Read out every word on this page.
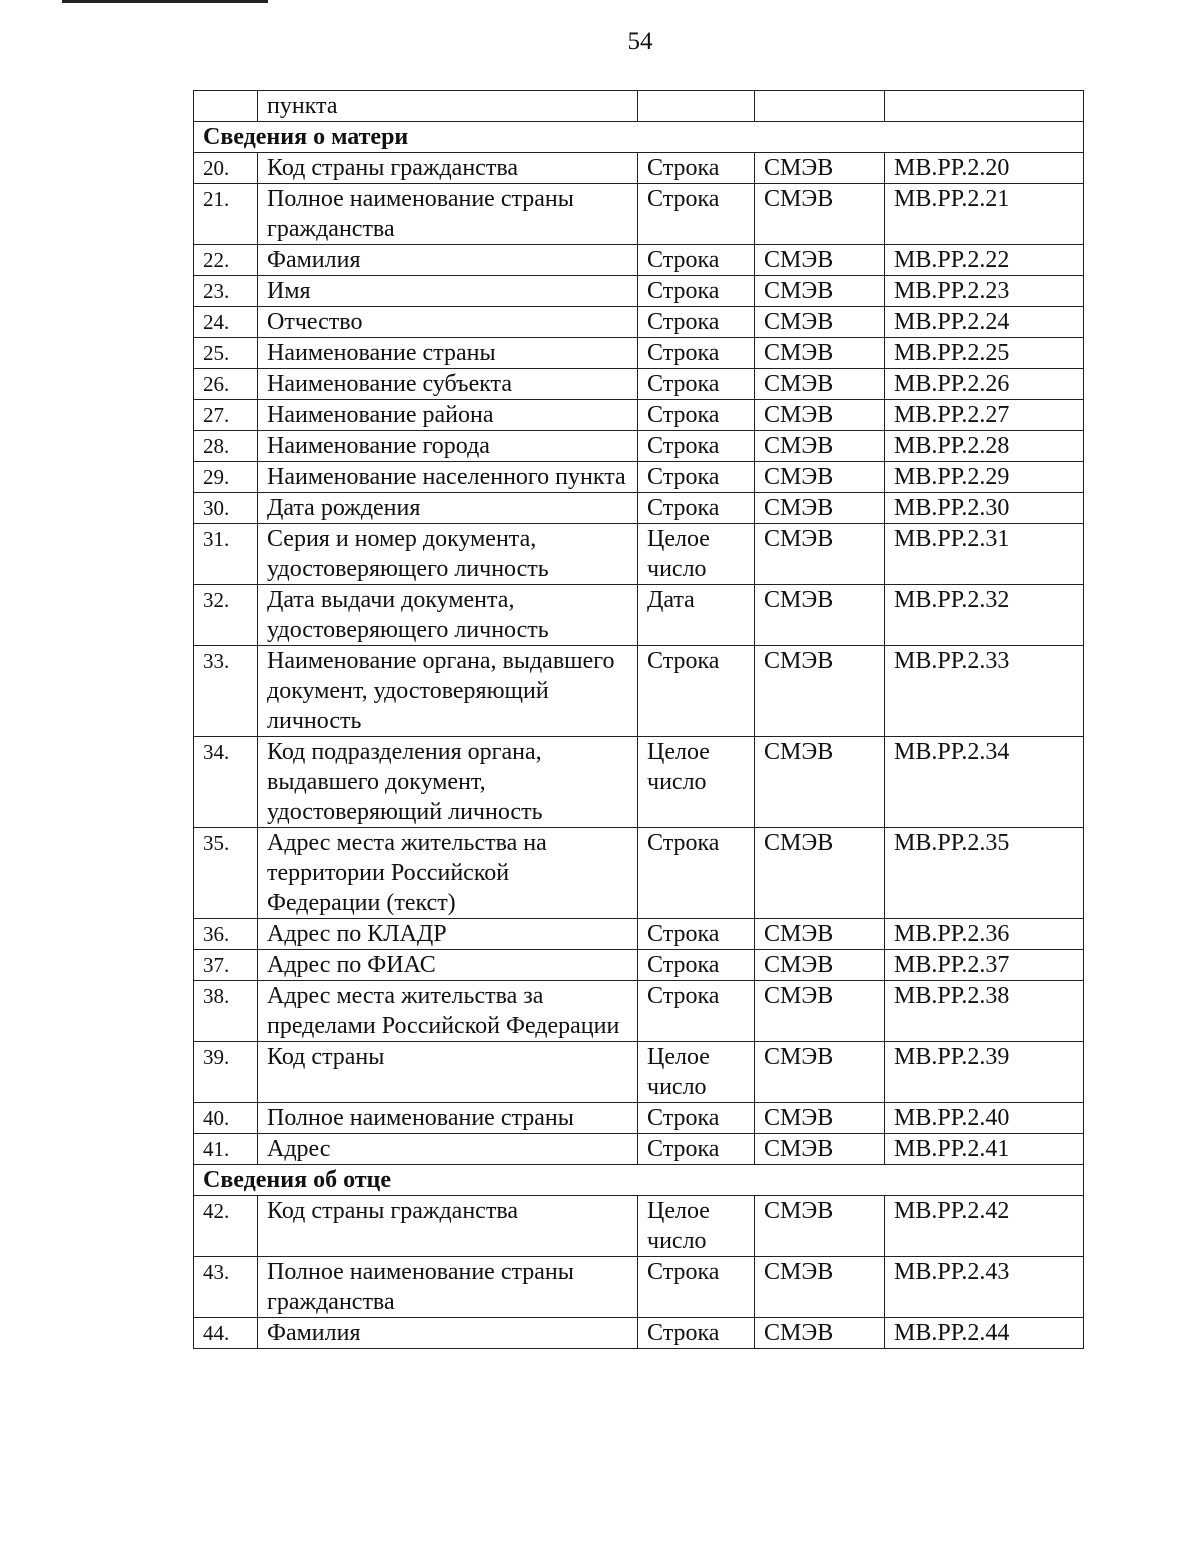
54
	пункта			
Сведения о матери				
20.	Код страны гражданства	Строка	СМЭВ	MB.PP.2.20
21.	Полное наименование страны гражданства	Строка	СМЭВ	MB.PP.2.21
22.	Фамилия	Строка	СМЭВ	MB.PP.2.22
23.	Имя	Строка	СМЭВ	MB.PP.2.23
24.	Отчество	Строка	СМЭВ	MB.PP.2.24
25.	Наименование страны	Строка	СМЭВ	MB.PP.2.25
26.	Наименование субъекта	Строка	СМЭВ	MB.PP.2.26
27.	Наименование района	Строка	СМЭВ	MB.PP.2.27
28.	Наименование города	Строка	СМЭВ	MB.PP.2.28
29.	Наименование населенного пункта	Строка	СМЭВ	MB.PP.2.29
30.	Дата рождения	Строка	СМЭВ	MB.PP.2.30
31.	Серия и номер документа, удостоверяющего личность	Целое число	СМЭВ	MB.PP.2.31
32.	Дата выдачи документа, удостоверяющего личность	Дата	СМЭВ	MB.PP.2.32
33.	Наименование органа, выдавшего документ, удостоверяющий личность	Строка	СМЭВ	MB.PP.2.33
34.	Код подразделения органа, выдавшего документ, удостоверяющий личность	Целое число	СМЭВ	MB.PP.2.34
35.	Адрес места жительства на территории Российской Федерации (текст)	Строка	СМЭВ	MB.PP.2.35
36.	Адрес по КЛАДР	Строка	СМЭВ	MB.PP.2.36
37.	Адрес по ФИАС	Строка	СМЭВ	MB.PP.2.37
38.	Адрес места жительства за пределами Российской Федерации	Строка	СМЭВ	MB.PP.2.38
39.	Код страны	Целое число	СМЭВ	MB.PP.2.39
40.	Полное наименование страны	Строка	СМЭВ	MB.PP.2.40
41.	Адрес	Строка	СМЭВ	MB.PP.2.41
Сведения об отце				
42.	Код страны гражданства	Целое число	СМЭВ	MB.PP.2.42
43.	Полное наименование страны гражданства	Строка	СМЭВ	MB.PP.2.43
44.	Фамилия	Строка	СМЭВ	MB.PP.2.44
